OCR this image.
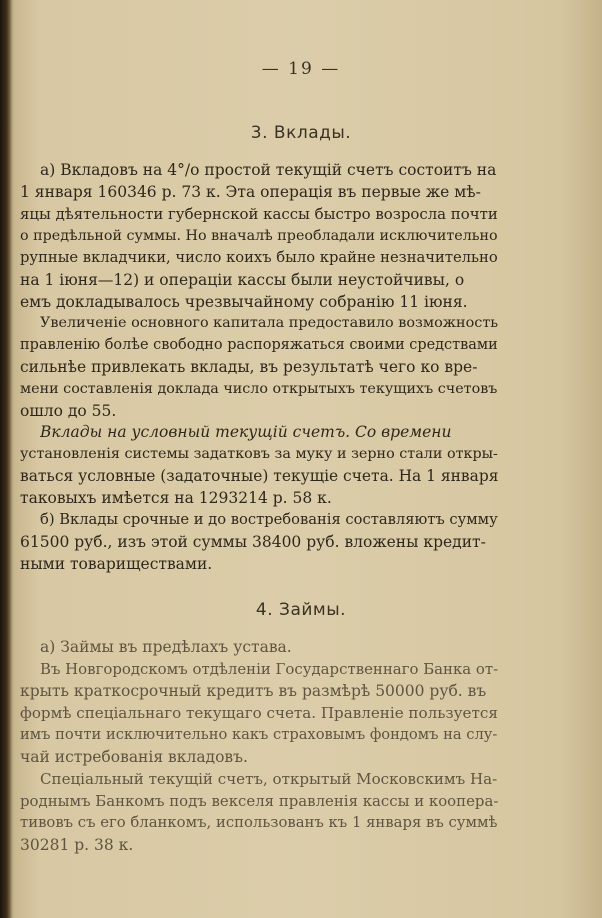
— 19 —
3. Вклады.
а) Вкладовъ на 4°/о простой текущій счетъ состоитъ на
1 января 160346 р. 73 к. Эта операція въ первые же мѣ-
яцы дѣятельности губернской кассы быстро возросла почти
о предѣльной суммы. Но вначалѣ преобладали исключительно
рупные вкладчики, число коихъ было крайне незначительно
на 1 іюня—12) и операціи кассы были неустойчивы, о
емъ докладывалось чрезвычайному собранію 11 іюня.
Увеличеніе основного капитала предоставило возможность
правленію болѣе свободно распоряжаться своими средствами
сильнѣе привлекать вклады, въ результатѣ чего ко вре-
мени составленія доклада число открытыхъ текущихъ счетовъ
ошло до 55.
Вклады на условный текущій счетъ. Со времени
установленія системы задатковъ за муку и зерно стали откры-
ваться условные (задаточные) текущіе счета. На 1 января
таковыхъ имѣется на 1293214 р. 58 к.
б) Вклады срочные и до востребованія составляютъ сумму
61500 руб., изъ этой суммы 38400 руб. вложены кредит-
ными товариществами.
4. Займы.
а) Займы въ предѣлахъ устава.
Въ Новгородскомъ отдѣленіи Государственнаго Банка от-
крыть краткосрочный кредитъ въ размѣрѣ 50000 руб. въ
формѣ спеціальнаго текущаго счета. Правленіе пользуется
имъ почти исключительно какъ страховымъ фондомъ на слу-
чай истребованія вкладовъ.
Спеціальный текущій счетъ, открытый Московскимъ На-
роднымъ Банкомъ подъ векселя правленія кассы и коопера-
тивовъ съ его бланкомъ, использованъ къ 1 января въ суммѣ
30281 р. 38 к.
